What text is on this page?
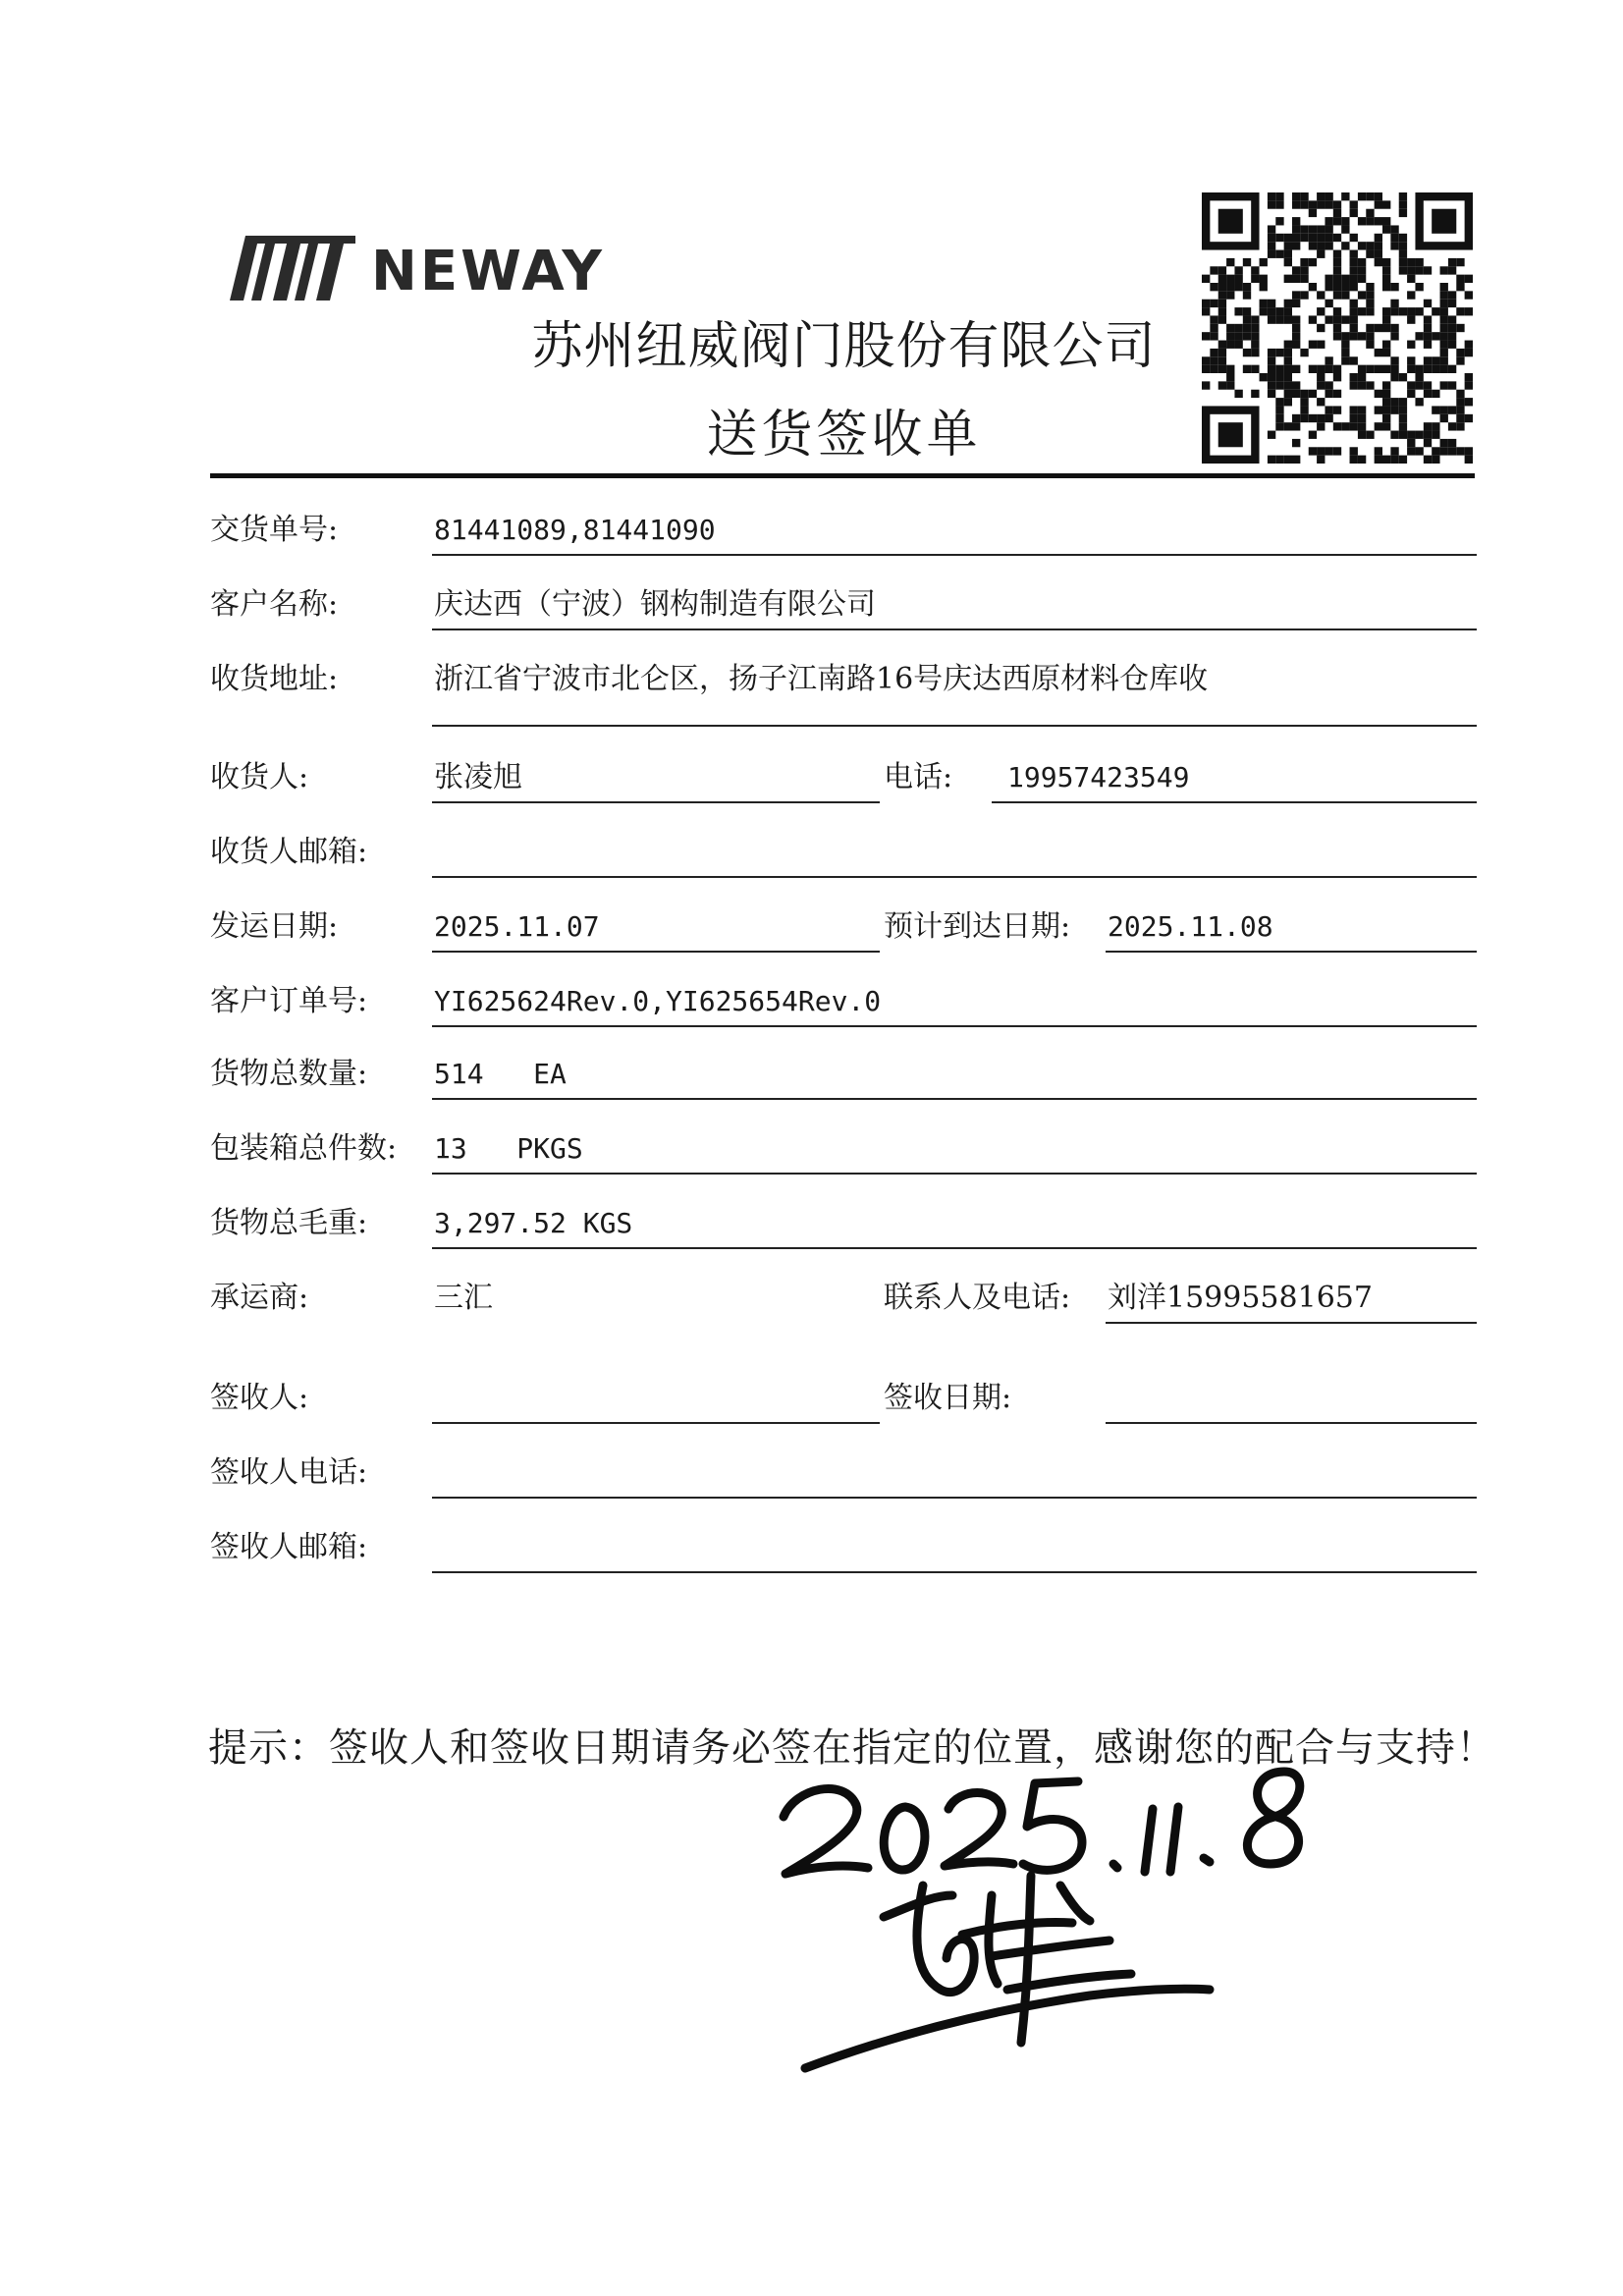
NEWAY
苏州纽威阀门股份有限公司
送货签收单
交货单号:	81441089,81441090
客户名称:	庆达西（宁波）钢构制造有限公司
收货地址:	浙江省宁波市北仑区，扬子江南路16号庆达西原材料仓库收
收货人:	张凌旭	电话:	19957423549
收货人邮箱:
发运日期:	2025.11.07	预计到达日期: 2025.11.08
客户订单号: YI625624Rev.0,YI625654Rev.0
货物总数量: 514   EA
包装箱总件数: 13   PKGS
货物总毛重: 3,297.52 KGS
承运商:	三汇	联系人及电话: 刘洋15995581657
签收人:	签收日期:
签收人电话:
签收人邮箱:
提示：签收人和签收日期请务必签在指定的位置，感谢您的配合与支持！
